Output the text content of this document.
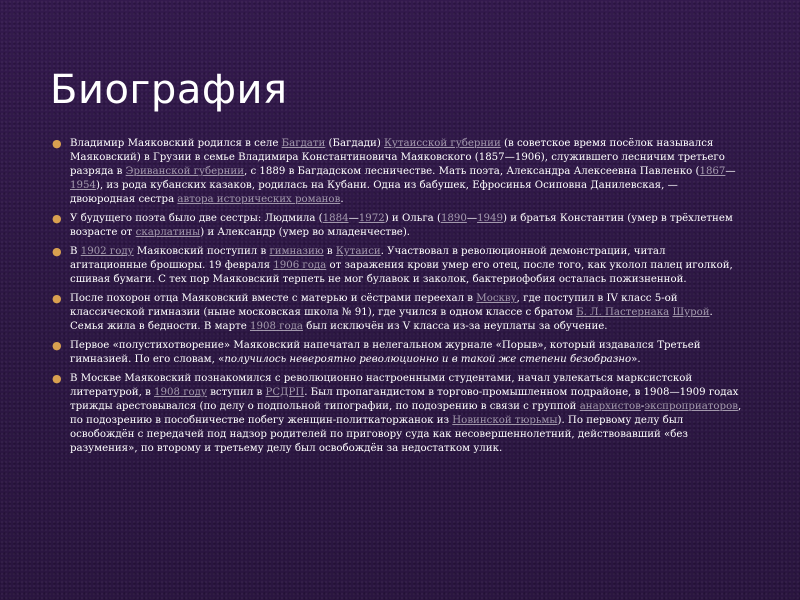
Биография

● Владимир Маяковский родился в селе Багдати (Багдади) Кутаисской губернии (в советское время посёлок назывался Маяковский) в Грузии в семье Владимира Константиновича Маяковского (1857—1906), служившего лесничим третьего разряда в Эриванской губернии, с 1889 в Багдадском лесничестве. Мать поэта, Александра Алексеевна Павленко (1867—1954), из рода кубанских казаков, родилась на Кубани. Одна из бабушек, Ефросинья Осиповна Данилевская, — двоюродная сестра автора исторических романов.

● У будущего поэта было две сестры: Людмила (1884—1972) и Ольга (1890—1949) и братья Константин (умер в трёхлетнем возрасте от скарлатины) и Александр (умер во младенчестве).

● В 1902 году Маяковский поступил в гимназию в Кутаиси. Участвовал в революционной демонстрации, читал агитационные брошюры. 19 февраля 1906 года от заражения крови умер его отец, после того, как уколол палец иголкой, сшивая бумаги. С тех пор Маяковский терпеть не мог булавок и заколок, бактериофобия осталась пожизненной.

● После похорон отца Маяковский вместе с матерью и сёстрами переехал в Москву, где поступил в IV класс 5-ой классической гимназии (ныне московская школа № 91), где учился в одном классе с братом Б. Л. Пастернака Шурой. Семья жила в бедности. В марте 1908 года был исключён из V класса из-за неуплаты за обучение.

● Первое «полустихотворение» Маяковский напечатал в нелегальном журнале «Порыв», который издавался Третьей гимназией. По его словам, «получилось невероятно революционно и в такой же степени безобразно».

● В Москве Маяковский познакомился с революционно настроенными студентами, начал увлекаться марксистской литературой, в 1908 году вступил в РСДРП. Был пропагандистом в торгово-промышленном подрайоне, в 1908—1909 годах трижды арестовывался (по делу о подпольной типографии, по подозрению в связи с группой анархистов-экспроприаторов, по подозрению в пособничестве побегу женщин-политкаторжанок из Новинской тюрьмы). По первому делу был освобождён с передачей под надзор родителей по приговору суда как несовершеннолетний, действовавший «без разумения», по второму и третьему делу был освобождён за недостатком улик.
